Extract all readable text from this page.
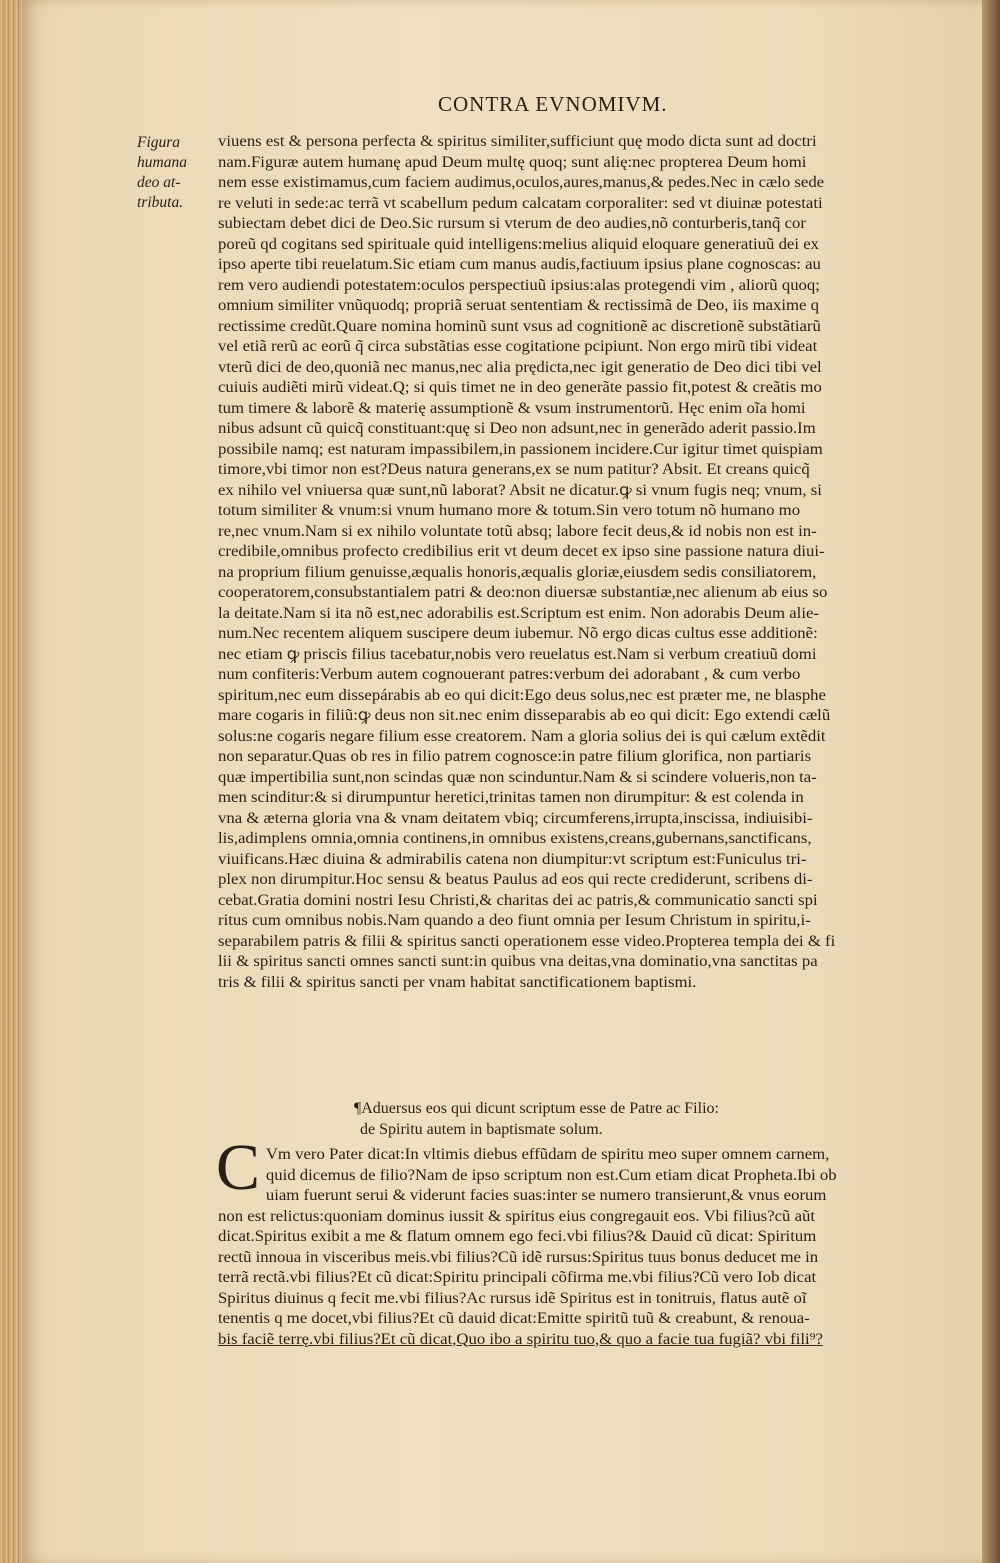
CONTRA EVNOMIVM.
Figura
humana
deo at-
tributa.
viuens est & persona perfecta & spiritus similiter,sufficiunt quę modo dicta sunt ad doctri
nam.Figuræ autem humanę apud Deum multę quoq; sunt alię:nec propterea Deum homi
nem esse existimamus,cum faciem audimus,oculos,aures,manus,& pedes.Nec in cælo sede
re veluti in sede:ac terrã vt scabellum pedum calcatam corporaliter: sed vt diuinæ potestati
subiectam debet dici de Deo.Sic rursum si vterum de deo audies,nõ conturberis,tanq̃ cor
poreũ qd cogitans sed spirituale quid intelligens:melius aliquid eloquare generatiuũ dei ex
ipso aperte tibi reuelatum.Sic etiam cum manus audis,factiuum ipsius plane cognoscas: au
rem vero audiendi potestatem:oculos perspectiuũ ipsius:alas protegendi vim , aliorũ quoq;
omnium similiter vnũquodq; propriã seruat sententiam & rectissimã de Deo, iis maxime q
rectissime credũt.Quare nomina hominũ sunt vsus ad cognitionẽ ac discretionẽ substãtiarũ
vel etiã rerũ ac eorũ q̃ circa substãtias esse cogitatione pcipiunt. Non ergo mirũ tibi videat
vterũ dici de deo,quoniã nec manus,nec alia prędicta,nec igit generatio de Deo dici tibi vel
cuiuis audiẽti mirũ videat.Q; si quis timet ne in deo generãte passio fit,potest & creãtis mo
tum timere & laborẽ & materię assumptionẽ & vsum instrumentorũ. Hęc enim oĩa homi
nibus adsunt cũ quicq̃ constituant:quę si Deo non adsunt,nec in generãdo aderit passio.Im
possibile namq; est naturam impassibilem,in passionem incidere.Cur igitur timet quispiam
timore,vbi timor non est?Deus natura generans,ex se num patitur? Absit. Et creans quicq̃
ex nihilo vel vniuersa quæ sunt,nũ laborat? Absit ne dicatur.ꝙ si vnum fugis neq; vnum, si
totum similiter & vnum:si vnum humano more & totum.Sin vero totum nõ humano mo
re,nec vnum.Nam si ex nihilo voluntate totũ absq; labore fecit deus,& id nobis non est in-
credibile,omnibus profecto credibilius erit vt deum decet ex ipso sine passione natura diui-
na proprium filium genuisse,æqualis honoris,æqualis gloriæ,eiusdem sedis consiliatorem,
cooperatorem,consubstantialem patri & deo:non diuersæ substantiæ,nec alienum ab eius so
la deitate.Nam si ita nõ est,nec adorabilis est.Scriptum est enim. Non adorabis Deum alie-
num.Nec recentem aliquem suscipere deum iubemur. Nõ ergo dicas cultus esse additionẽ:
nec etiam ꝙ priscis filius tacebatur,nobis vero reuelatus est.Nam si verbum creatiuũ domi
num confiteris:Verbum autem cognouerant patres:verbum dei adorabant , & cum verbo
spiritum,nec eum dissepárabis ab eo qui dicit:Ego deus solus,nec est præter me, ne blasphe
mare cogaris in filiũ:ꝙ deus non sit.nec enim disseparabis ab eo qui dicit: Ego extendi cælũ
solus:ne cogaris negare filium esse creatorem. Nam a gloria solius dei is qui cælum extẽdit
non separatur.Quas ob res in filio patrem cognosce:in patre filium glorifica, non partiaris
quæ impertibilia sunt,non scindas quæ non scinduntur.Nam & si scindere volueris,non ta-
men scinditur:& si dirumpuntur heretici,trinitas tamen non dirumpitur: & est colenda in
vna & æterna gloria vna & vnam deitatem vbiq; circumferens,irrupta,inscissa, indiuisibi-
lis,adimplens omnia,omnia continens,in omnibus existens,creans,gubernans,sanctificans,
viuificans.Hæc diuina & admirabilis catena non diumpitur:vt scriptum est:Funiculus tri-
plex non dirumpitur.Hoc sensu & beatus Paulus ad eos qui recte crediderunt, scribens di-
cebat.Gratia domini nostri Iesu Christi,& charitas dei ac patris,& communicatio sancti spi
ritus cum omnibus nobis.Nam quando a deo fiunt omnia per Iesum Christum in spiritu,i-
separabilem patris & filii & spiritus sancti operationem esse video.Propterea templa dei & fi
lii & spiritus sancti omnes sancti sunt:in quibus vna deitas,vna dominatio,vna sanctitas pa
tris & filii & spiritus sancti per vnam habitat sanctificationem baptismi.
¶Aduersus eos qui dicunt scriptum esse de Patre ac Filio:
de Spiritu autem in baptismate solum.
C Vm vero Pater dicat:In vltimis diebus effũdam de spiritu meo super omnem carnem,
quid dicemus de filio?Nam de ipso scriptum non est.Cum etiam dicat Propheta.Ibi ob
uiam fuerunt serui & viderunt facies suas:inter se numero transierunt,& vnus eorum
non est relictus:quoniam dominus iussit & spiritus eius congregauit eos. Vbi filius?cũ aũt
dicat.Spiritus exibit a me & flatum omnem ego feci.vbi filius?& Dauid cũ dicat: Spiritum
rectũ innoua in visceribus meis.vbi filius?Cũ idẽ rursus:Spiritus tuus bonus deducet me in
terrã rectã.vbi filius?Et cũ dicat:Spiritu principali cõfirma me.vbi filius?Cũ vero Iob dicat
Spiritus diuinus q fecit me.vbi filius?Ac rursus idẽ Spiritus est in tonitruis, flatus autẽ oĩ
tenentis q me docet,vbi filius?Et cũ dauid dicat:Emitte spiritũ tuũ & creabunt, & renoua-
bis faciẽ terrę.vbi filius?Et cũ dicat,Quo ibo a spiritu tuo,& quo a facie tua fugiã? vbi fili⁹?
